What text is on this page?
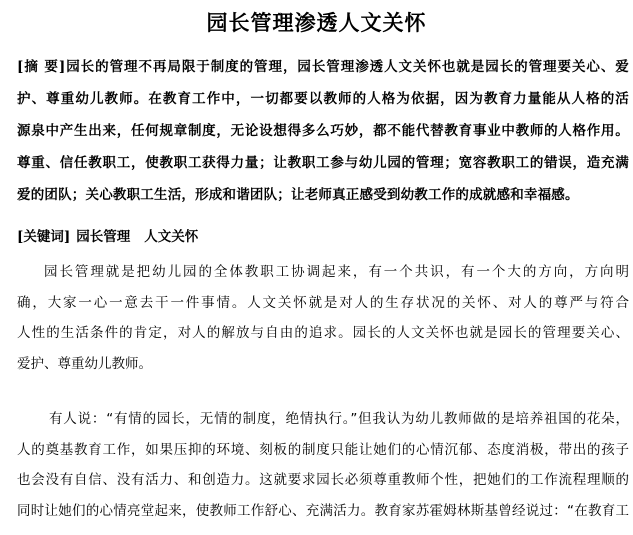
园长管理渗透人文关怀
[摘 要]园长的管理不再局限于制度的管理，园长管理渗透人文关怀也就是园长的管理要关心、爱
护、尊重幼儿教师。在教育工作中，一切都要以教师的人格为依据，因为教育力量能从人格的活
源泉中产生出来，任何规章制度，无论设想得多么巧妙，都不能代替教育事业中教师的人格作用。
尊重、信任教职工，使教职工获得力量；让教职工参与幼儿园的管理；宽容教职工的错误，造充满
爱的团队；关心教职工生活，形成和谐团队；让老师真正感受到幼教工作的成就感和幸福感。
[关键词] 园长管理 人文关怀
园长管理就是把幼儿园的全体教职工协调起来，有一个共识，有一个大的方向，方向明
确，大家一心一意去干一件事情。人文关怀就是对人的生存状况的关怀、对人的尊严与符合
人性的生活条件的肯定，对人的解放与自由的追求。园长的人文关怀也就是园长的管理要关心、
爱护、尊重幼儿教师。
有人说：“有情的园长，无情的制度，绝情执行。”但我认为幼儿教师做的是培养祖国的花朵，
人的奠基教育工作，如果压抑的环境、刻板的制度只能让她们的心情沉郁、态度消极，带出的孩子
也会没有自信、没有活力、和创造力。这就要求园长必须尊重教师个性，把她们的工作流程理顺的
同时让她们的心情亮堂起来，使教师工作舒心、充满活力。教育家苏霍姆林斯基曾经说过：“在教育工
